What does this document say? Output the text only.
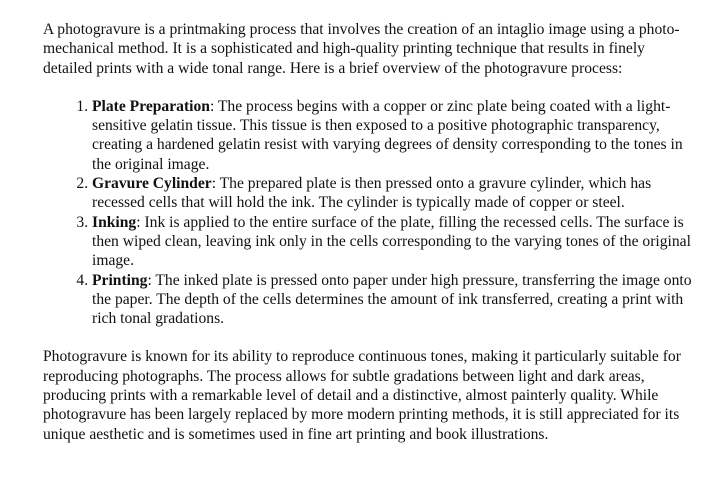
A photogravure is a printmaking process that involves the creation of an intaglio image using a photo-mechanical method. It is a sophisticated and high-quality printing technique that results in finely detailed prints with a wide tonal range. Here is a brief overview of the photogravure process:

1. Plate Preparation: The process begins with a copper or zinc plate being coated with a light-sensitive gelatin tissue. This tissue is then exposed to a positive photographic transparency, creating a hardened gelatin resist with varying degrees of density corresponding to the tones in the original image.
2. Gravure Cylinder: The prepared plate is then pressed onto a gravure cylinder, which has recessed cells that will hold the ink. The cylinder is typically made of copper or steel.
3. Inking: Ink is applied to the entire surface of the plate, filling the recessed cells. The surface is then wiped clean, leaving ink only in the cells corresponding to the varying tones of the original image.
4. Printing: The inked plate is pressed onto paper under high pressure, transferring the image onto the paper. The depth of the cells determines the amount of ink transferred, creating a print with rich tonal gradations.

Photogravure is known for its ability to reproduce continuous tones, making it particularly suitable for reproducing photographs. The process allows for subtle gradations between light and dark areas, producing prints with a remarkable level of detail and a distinctive, almost painterly quality. While photogravure has been largely replaced by more modern printing methods, it is still appreciated for its unique aesthetic and is sometimes used in fine art printing and book illustrations.
